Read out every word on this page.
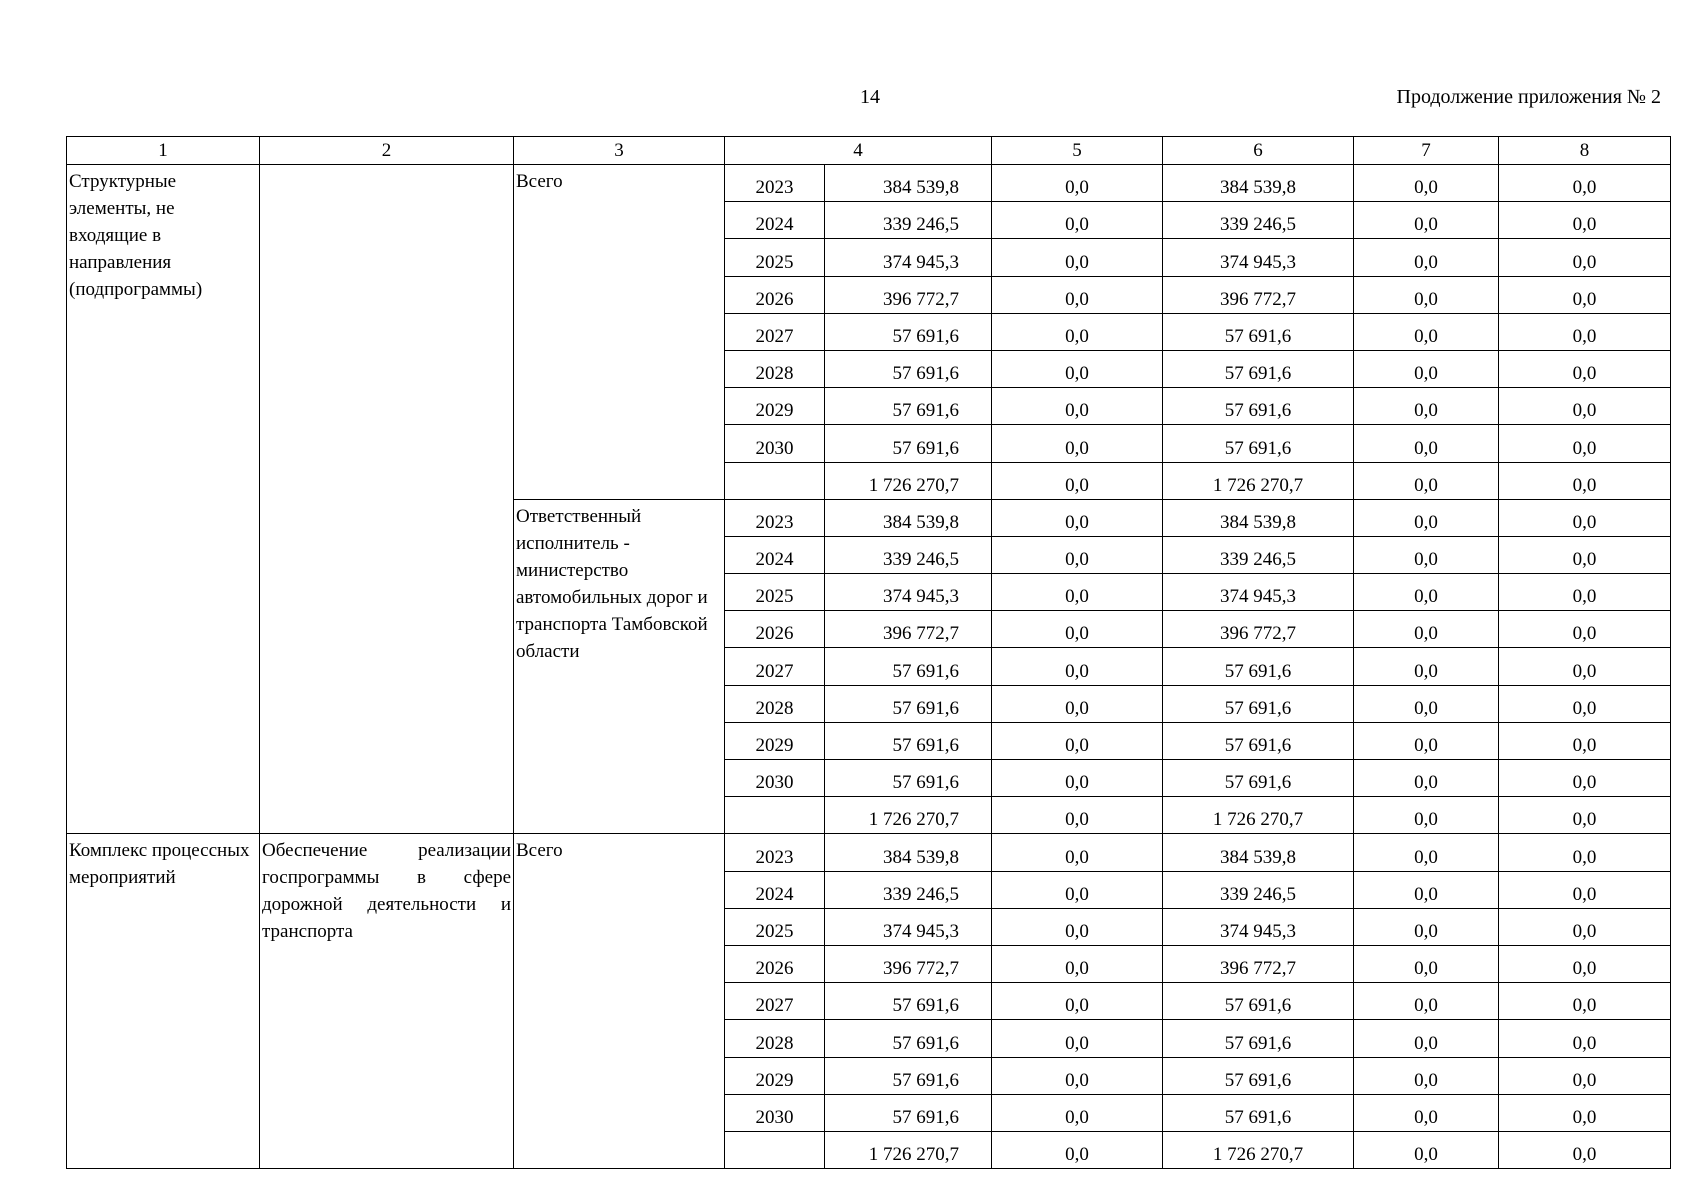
14	Продолжение приложения № 2
1	2	3	4		5	6	7	8
Структурные элементы, не входящие в направления (подпрограммы)		Всего	2023	384 539,8	0,0	384 539,8	0,0	0,0
			2024	339 246,5	0,0	339 246,5	0,0	0,0
			2025	374 945,3	0,0	374 945,3	0,0	0,0
			2026	396 772,7	0,0	396 772,7	0,0	0,0
			2027	57 691,6	0,0	57 691,6	0,0	0,0
			2028	57 691,6	0,0	57 691,6	0,0	0,0
			2029	57 691,6	0,0	57 691,6	0,0	0,0
			2030	57 691,6	0,0	57 691,6	0,0	0,0
				1 726 270,7	0,0	1 726 270,7	0,0	0,0
		Ответственный исполнитель - министерство автомобильных дорог и транспорта Тамбовской области	2023	384 539,8	0,0	384 539,8	0,0	0,0
			2024	339 246,5	0,0	339 246,5	0,0	0,0
			2025	374 945,3	0,0	374 945,3	0,0	0,0
			2026	396 772,7	0,0	396 772,7	0,0	0,0
			2027	57 691,6	0,0	57 691,6	0,0	0,0
			2028	57 691,6	0,0	57 691,6	0,0	0,0
			2029	57 691,6	0,0	57 691,6	0,0	0,0
			2030	57 691,6	0,0	57 691,6	0,0	0,0
				1 726 270,7	0,0	1 726 270,7	0,0	0,0
Комплекс процессных мероприятий	Обеспечение реализации госпрограммы в сфере дорожной деятельности и транспорта	Всего	2023	384 539,8	0,0	384 539,8	0,0	0,0
			2024	339 246,5	0,0	339 246,5	0,0	0,0
			2025	374 945,3	0,0	374 945,3	0,0	0,0
			2026	396 772,7	0,0	396 772,7	0,0	0,0
			2027	57 691,6	0,0	57 691,6	0,0	0,0
			2028	57 691,6	0,0	57 691,6	0,0	0,0
			2029	57 691,6	0,0	57 691,6	0,0	0,0
			2030	57 691,6	0,0	57 691,6	0,0	0,0
				1 726 270,7	0,0	1 726 270,7	0,0	0,0
